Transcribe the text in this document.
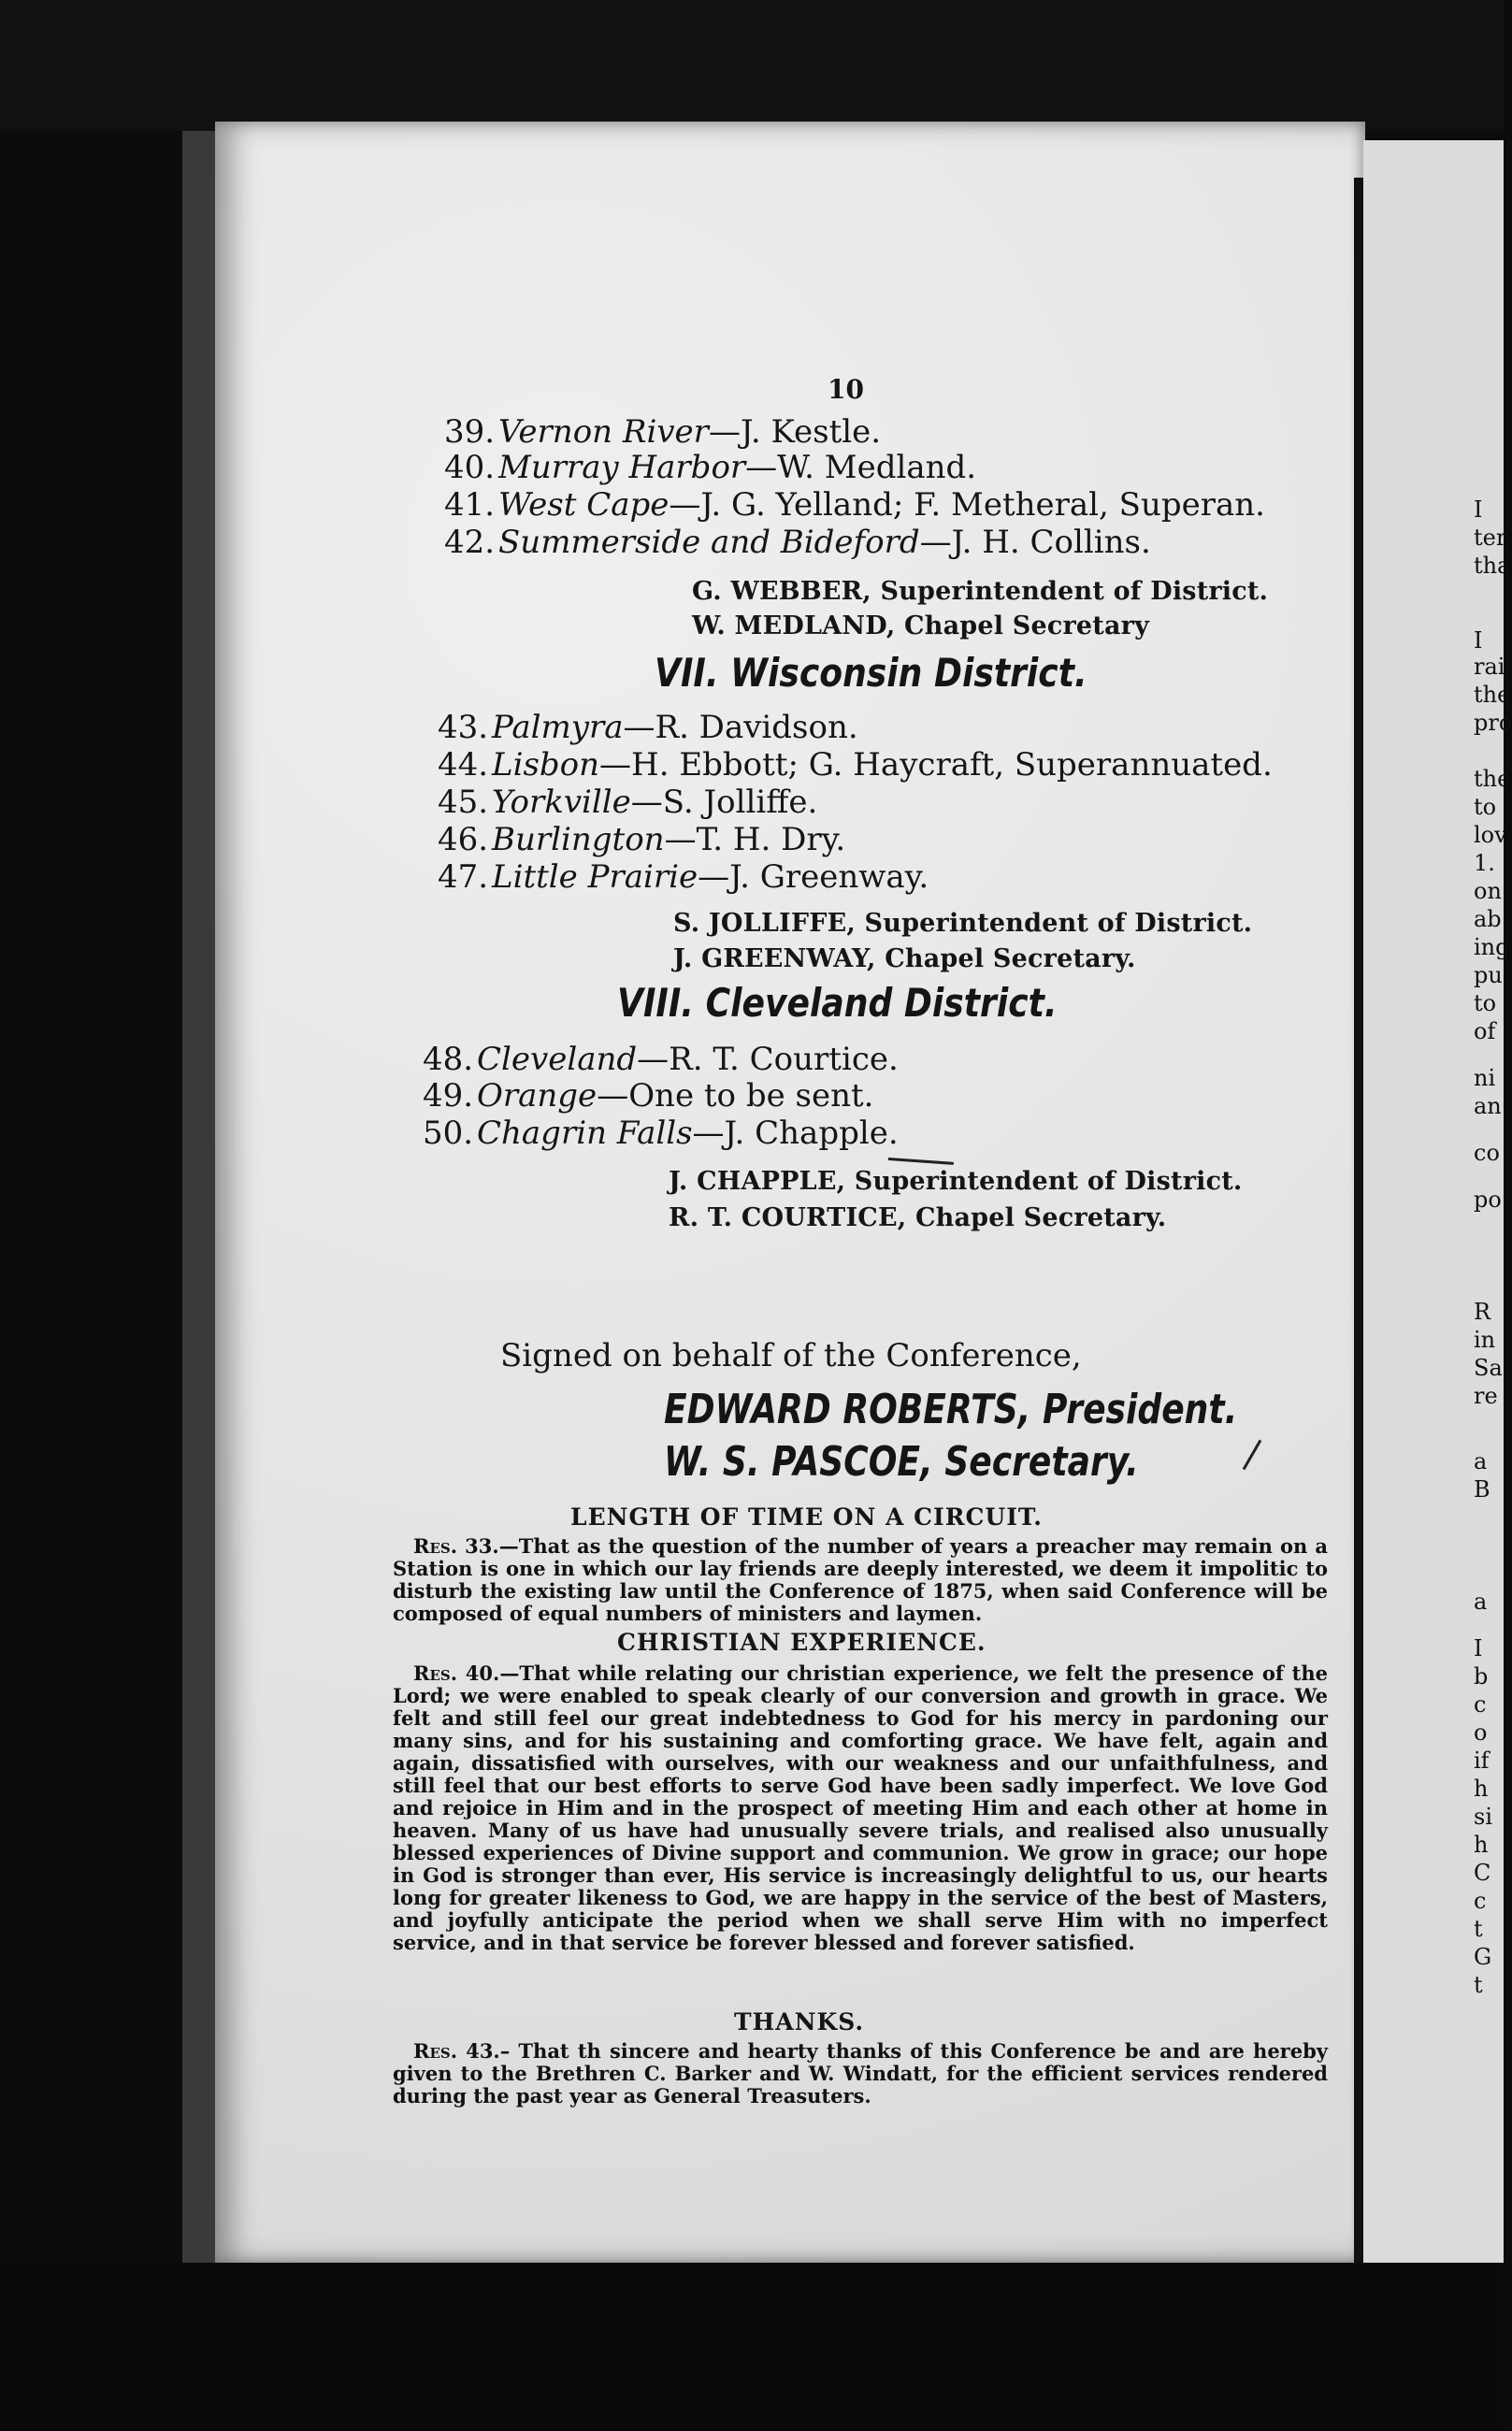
10
39. Vernon River—J. Kestle.
40. Murray Harbor—W. Medland.
41. West Cape—J. G. Yelland; F. Metheral, Superan.
42. Summerside and Bideford—J. H. Collins.
G. WEBBER, Superintendent of District.
W. MEDLAND, Chapel Secretary
VII. Wisconsin District.
43. Palmyra—R. Davidson.
44. Lisbon—H. Ebbott; G. Haycraft, Superannuated.
45. Yorkville—S. Jolliffe.
46. Burlington—T. H. Dry.
47. Little Prairie—J. Greenway.
S. JOLLIFFE, Superintendent of District.
J. GREENWAY, Chapel Secretary.
VIII. Cleveland District.
48. Cleveland—R. T. Courtice.
49. Orange—One to be sent.
50. Chagrin Falls—J. Chapple.
J. CHAPPLE, Superintendent of District.
R. T. COURTICE, Chapel Secretary.
Signed on behalf of the Conference,
EDWARD ROBERTS, President.
W. S. PASCOE, Secretary.
LENGTH OF TIME ON A CIRCUIT.
Res. 33.—That as the question of the number of years a preacher may remain on a Station is one in which our lay friends are deeply interested, we deem it impolitic to disturb the existing law until the Conference of 1875, when said Conference will be composed of equal numbers of ministers and laymen.
CHRISTIAN EXPERIENCE.
Res. 40.—That while relating our christian experience, we felt the presence of the Lord; we were enabled to speak clearly of our conversion and growth in grace. We felt and still feel our great indebtedness to God for his mercy in pardoning our many sins, and for his sustaining and comforting grace. We have felt, again and again, dissatisfied with ourselves, with our weakness and our unfaithfulness, and still feel that our best efforts to serve God have been sadly imperfect. We love God and rejoice in Him and in the prospect of meeting Him and each other at home in heaven. Many of us have had unusually severe trials, and realised also unusually blessed experiences of Divine support and communion. We grow in grace; our hope in God is stronger than ever, His service is increasingly delightful to us, our hearts long for greater likeness to God, we are happy in the service of the best of Masters, and joyfully anticipate the period when we shall serve Him with no imperfect service, and in that service be forever blessed and forever satisfied.
THANKS.
Res. 43.– That th sincere and hearty thanks of this Conference be and are hereby given to the Brethren C. Barker and W. Windatt, for the efficient services rendered during the past year as General Treasuters.
I
ter
tha
I
rai
the
pro
the
to
lov
1.
on
ab
ing
pu
to
of
ni
an
co
po
R
in
Sa
re
a
B
a
I
b
c
o
if
h
si
h
C
c
t
G
t
